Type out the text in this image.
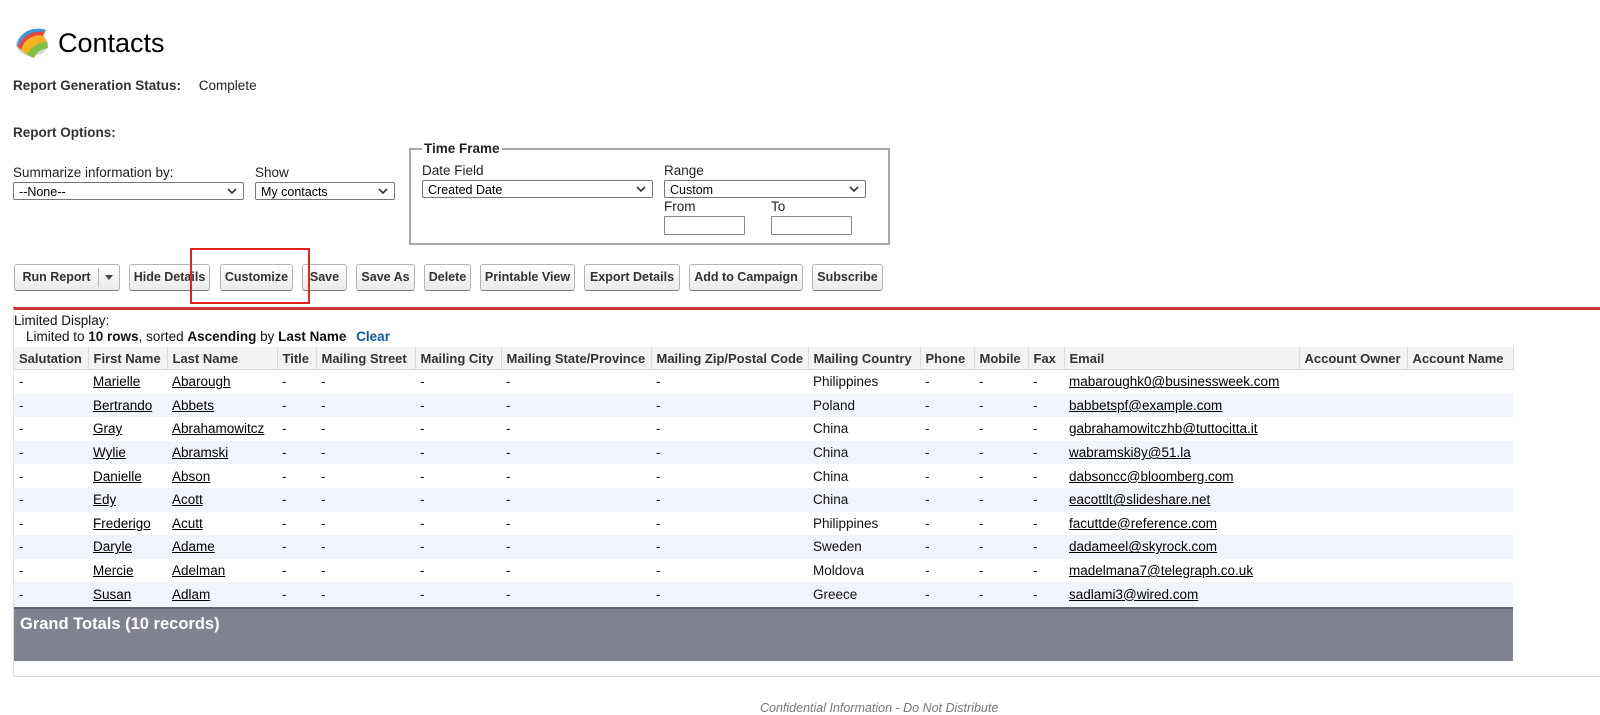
Contacts
Report Generation Status: Complete
Report Options:
Summarize information by:
--None--
Show
My contacts
Time Frame
Date Field
Created Date
Range
Custom
From	To
Run Report	Hide Details	Customize	Save	Save As	Delete	Printable View	Export Details	Add to Campaign	Subscribe
Limited Display:
Limited to 10 rows, sorted Ascending by Last Name Clear
Salutation	First Name	Last Name	Title	Mailing Street	Mailing City	Mailing State/Province	Mailing Zip/Postal Code	Mailing Country	Phone	Mobile	Fax	Email	Account Owner	Account Name
-	Marielle	Abarough	-	-	-	-	-	Philippines	-	-	-	mabaroughk0@businessweek.com		
-	Bertrando	Abbets	-	-	-	-	-	Poland	-	-	-	babbetspf@example.com		
-	Gray	Abrahamowitcz	-	-	-	-	-	China	-	-	-	gabrahamowitczhb@tuttocitta.it		
-	Wylie	Abramski	-	-	-	-	-	China	-	-	-	wabramski8y@51.la		
-	Danielle	Abson	-	-	-	-	-	China	-	-	-	dabsoncc@bloomberg.com		
-	Edy	Acott	-	-	-	-	-	China	-	-	-	eacottlt@slideshare.net		
-	Frederigo	Acutt	-	-	-	-	-	Philippines	-	-	-	facuttde@reference.com		
-	Daryle	Adame	-	-	-	-	-	Sweden	-	-	-	dadameel@skyrock.com		
-	Mercie	Adelman	-	-	-	-	-	Moldova	-	-	-	madelmana7@telegraph.co.uk		
-	Susan	Adlam	-	-	-	-	-	Greece	-	-	-	sadlami3@wired.com		
Grand Totals (10 records)
Confidential Information - Do Not Distribute
